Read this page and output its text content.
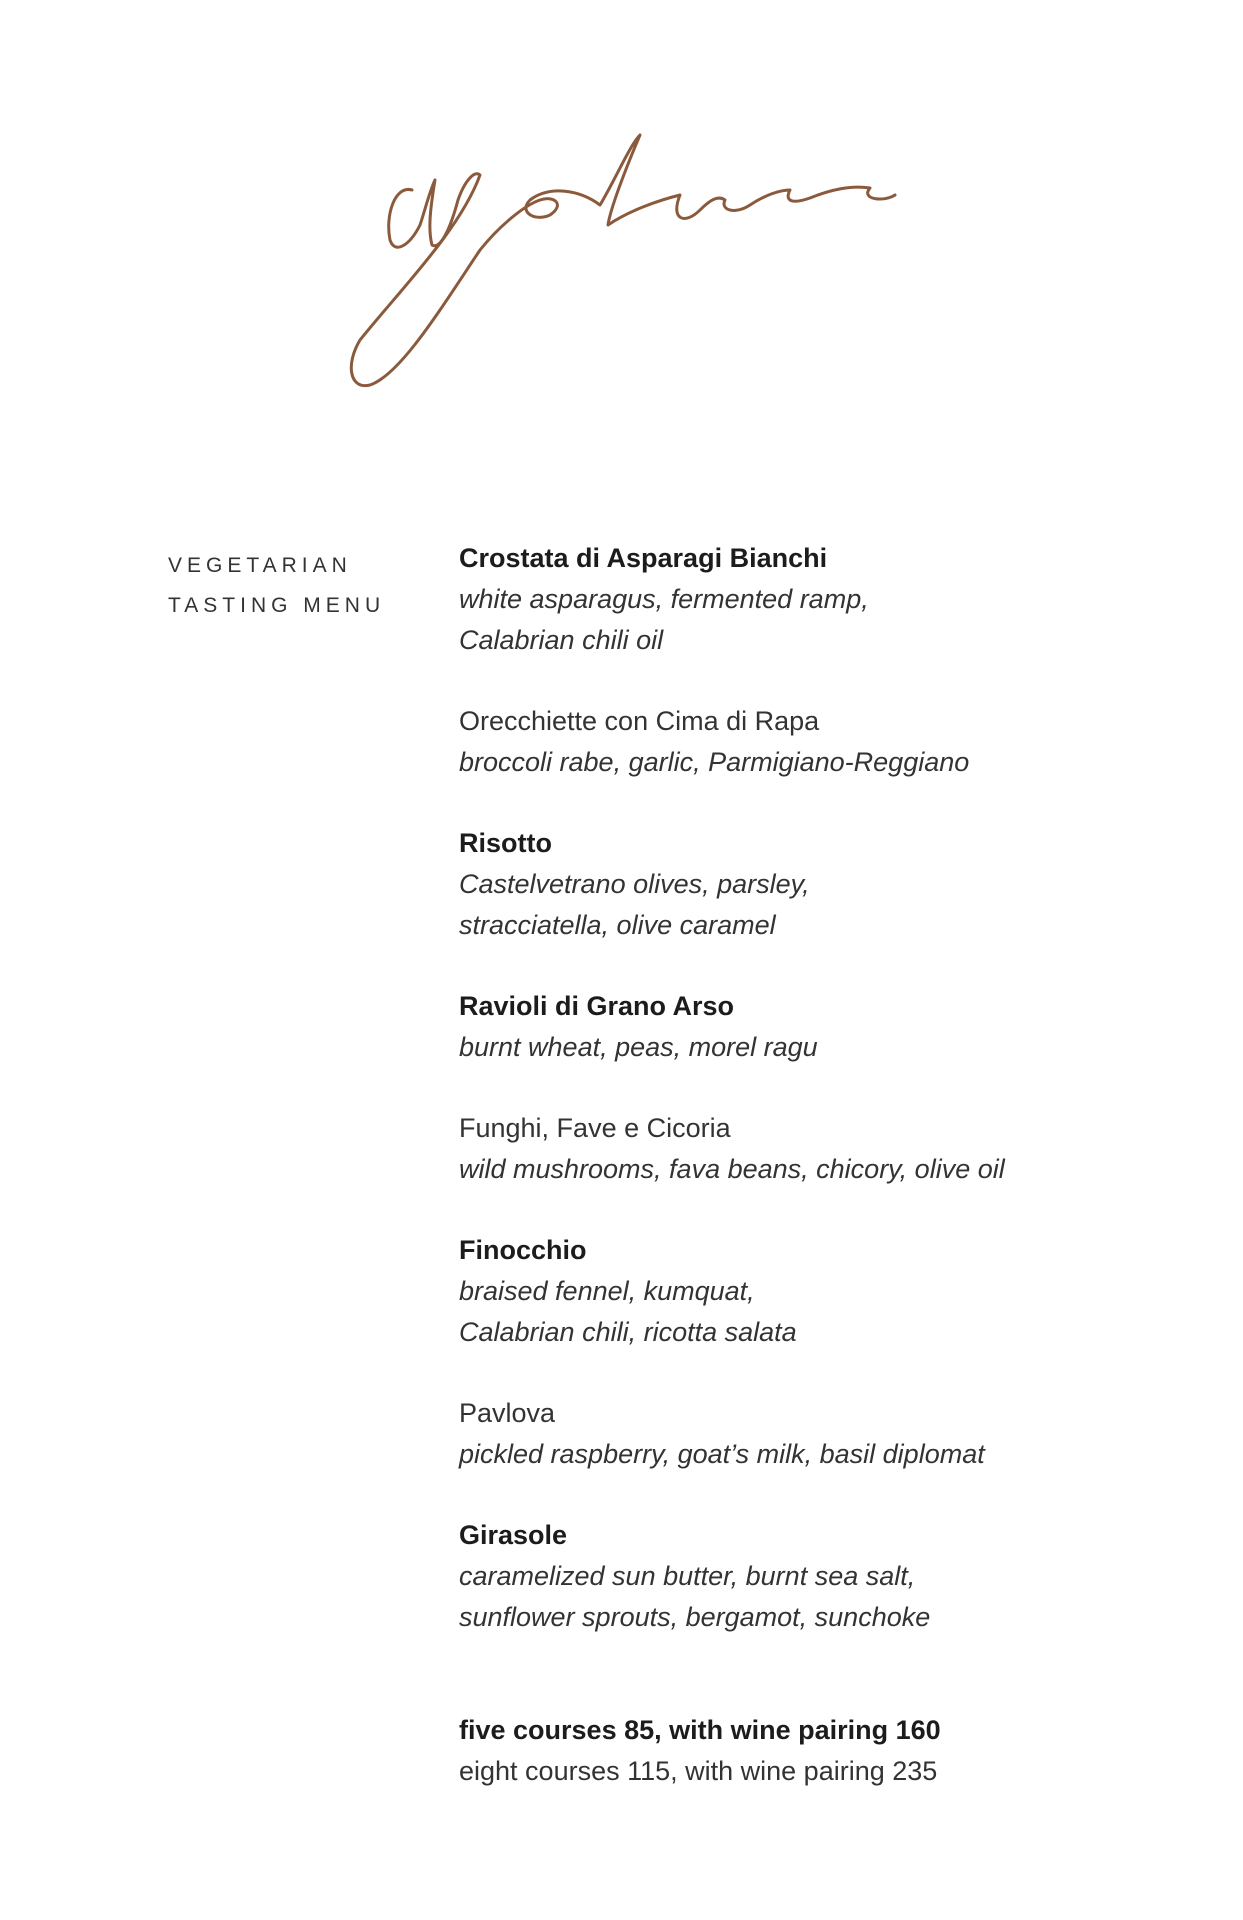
VEGETARIAN
TASTING MENU
Crostata di Asparagi Bianchi
white asparagus, fermented ramp,
Calabrian chili oil
Orecchiette con Cima di Rapa
broccoli rabe, garlic, Parmigiano-Reggiano
Risotto
Castelvetrano olives, parsley,
stracciatella, olive caramel
Ravioli di Grano Arso
burnt wheat, peas, morel ragu
Funghi, Fave e Cicoria
wild mushrooms, fava beans, chicory, olive oil
Finocchio
braised fennel, kumquat,
Calabrian chili, ricotta salata
Pavlova
pickled raspberry, goat’s milk, basil diplomat
Girasole
caramelized sun butter, burnt sea salt,
sunflower sprouts, bergamot, sunchoke
five courses 85, with wine pairing 160
eight courses 115, with wine pairing 235
